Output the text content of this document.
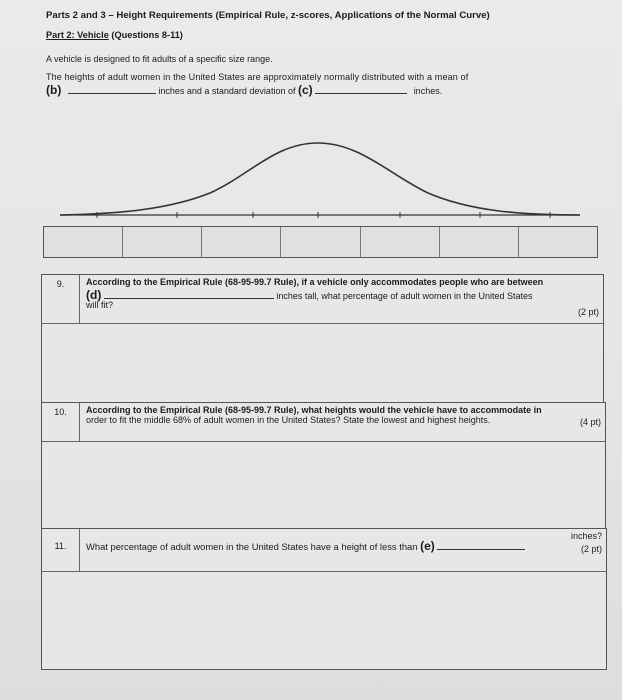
Parts 2 and 3 – Height Requirements (Empirical Rule, z-scores, Applications of the Normal Curve)
Part 2: Vehicle (Questions 8-11)
A vehicle is designed to fit adults of a specific size range.
The heights of adult women in the United States are approximately normally distributed with a mean of
(b)	inches and a standard deviation of (c)	inches.
9.	According to the Empirical Rule (68-95-99.7 Rule), if a vehicle only accommodates people who are between
(d)	inches tall, what percentage of adult women in the United States
will fit?
(2 pt)
10.	According to the Empirical Rule (68-95-99.7 Rule), what heights would the vehicle have to accommodate in
order to fit the middle 68% of adult women in the United States? State the lowest and highest heights.	(4 pt)
11.	What percentage of adult women in the United States have a height of less than (e)
inches?
(2 pt)
